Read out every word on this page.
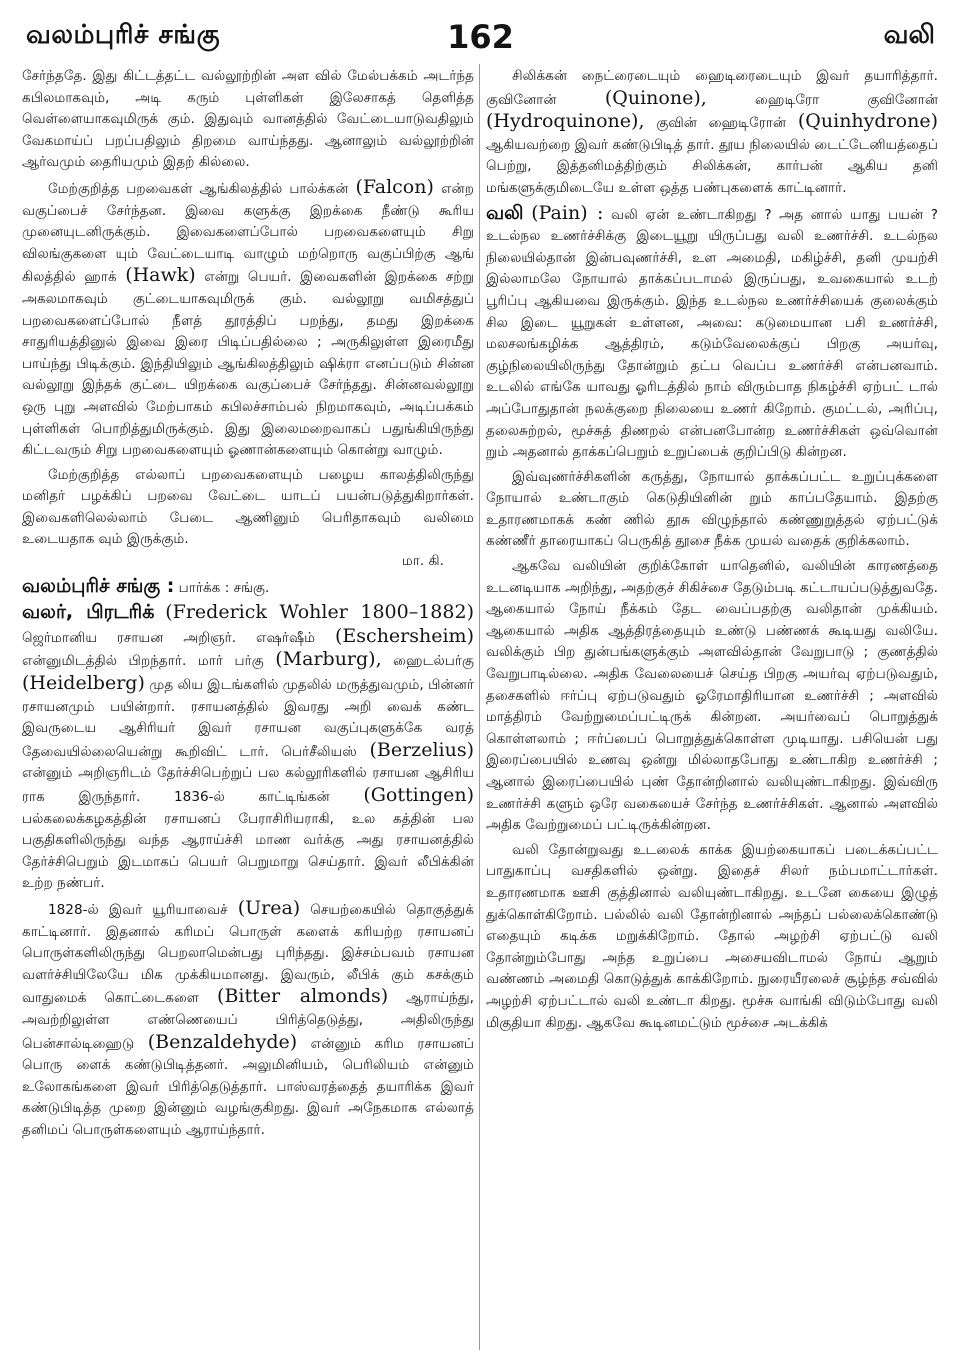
வலம்புரிச் சங்கு	162	வலி

சேர்ந்ததே. இது கிட்டத்தட்ட வல்லூற்றின் அள வில் மேல்பக்கம் அடர்ந்த கபிலமாகவும், அடி கரும் புள்ளிகள் இலேசாகத் தெளித்த வெள்ளையாகவுமிருக் கும். இதுவும் வானத்தில் வேட்டையாடுவதிலும் வேகமாய்ப் பறப்பதிலும் திறமை வாய்ந்தது. ஆனாலும் வல்லூற்றின் ஆர்வமும் தைரியமும் இதற் கில்லை.

மேற்குறித்த பறவைகள் ஆங்கிலத்தில் பால்க்கன் (Falcon) என்ற வகுப்பைச் சேர்ந்தன. இவை களுக்கு இறக்கை நீண்டு கூரிய முனையுடனிருக்கும். இவைகளைப்போல் பறவைகளையும் சிறு விலங்குகளை யும் வேட்டையாடி வாழும் மற்றொரு வகுப்பிற்கு ஆங் கிலத்தில் ஹாக் (Hawk) என்று பெயர். இவைகளின் இறக்கை சற்று அகலமாகவும் குட்டையாகவுமிருக் கும். வல்லூறு வமிசத்துப் பறவைகளைப்போல் நீளத் தூரத்திப் பறந்து, தமது இறக்கை சாதுரியத்தினுல் இவை இரை பிடிப்பதில்லை ; அருகிலுள்ள இரைமீது பாய்ந்து பிடிக்கும். இந்தியிலும் ஆங்கிலத்திலும் ஷிக்ரா எனப்படும் சின்ன வல்லூறு இந்தக் குட்டை யிறக்கை வகுப்பைச் சேர்ந்தது. சின்னவல்லூறு ஒரு புறு அளவில் மேற்பாகம் கபிலச்சாம்பல் நிறமாகவும், அடிப்பக்கம் புள்ளிகள் பொறித்துமிருக்கும். இது இலைமறைவாகப் பதுங்கியிருந்து கிட்டவரும் சிறு பறவைகளையும் ஓணான்களையும் கொன்று வாழும்.

மேற்குறித்த எல்லாப் பறவைகளையும் பழைய காலத்திலிருந்து மனிதர் பழக்கிப் பறவை வேட்டை யாடப் பயன்படுத்துகிறார்கள். இவைகளிலெல்லாம் பேடை ஆணினும் பெரிதாகவும் வலிமை உடையதாக வும் இருக்கும்.
மா. கி.

வலம்புரிச் சங்கு : பார்க்க : சங்கு.

வலர், பிரடரிக் (Frederick Wohler 1800–1882) ஜெர்மானிய ரசாயன அறிஞர். எஷர்ஷீம் (Eschersheim) என்னுமிடத்தில் பிறந்தார். மார் பர்கு (Marburg), ஹைடல்பர்கு (Heidelberg) முத லிய இடங்களில் முதலில் மருத்துவமும், பின்னர் ரசாயனமும் பயின்றார். ரசாயனத்தில் இவரது அறி வைக் கண்ட இவருடைய ஆசிரியர் இவர் ரசாயன வகுப்புகளுக்கே வரத் தேவையில்லையென்று கூறிவிட் டார். பெர்சீலியஸ் (Berzelius) என்னும் அறிஞரிடம் தேர்ச்சிபெற்றுப் பல கல்லூரிகளில் ரசாயன ஆசிரிய ராக இருந்தார். 1836-ல் காட்டிங்கன் (Gottingen) பல்கலைக்கழகத்தின் ரசாயனப் பேராசிரியராகி, உல கத்தின் பல பகுதிகளிலிருந்து வந்த ஆராய்ச்சி மாண வர்க்கு அது ரசாயனத்தில் தேர்ச்சிபெறும் இடமாகப் பெயர் பெறுமாறு செய்தார். இவர் லீபிக்கின் உற்ற நண்பர்.

1828-ல் இவர் யூரியாவைச் (Urea) செயற்கையில் தொகுத்துக் காட்டினார். இதனால் கரிமப் பொருள் களைக் கரியற்ற ரசாயனப் பொருள்களிலிருந்து பெறலாமென்பது புரிந்தது. இச்சம்பவம் ரசாயன வளர்ச்சியிலேயே மிக முக்கியமானது. இவரும், லீபிக் கும் கசக்கும் வாதுமைக் கொட்டைகளை (Bitter almonds) ஆராய்ந்து, அவற்றிலுள்ள எண்ணெயைப் பிரித்தெடுத்து, அதிலிருந்து பென்சால்டிஹைடு (Benzaldehyde) என்னும் கரிம ரசாயனப் பொரு ளைக் கண்டுபிடித்தனர். அலுமினியம், பெரிலியம் என்னும் உலோகங்களை இவர் பிரித்தெடுத்தார். பாஸ்வரத்தைத் தயாரிக்க இவர் கண்டுபிடித்த முறை இன்னும் வழங்குகிறது. இவர் அநேகமாக எல்லாத் தனிமப் பொருள்களையும் ஆராய்ந்தார்.

சிலிக்கன் நைட்ரைடையும் ஹைடிரைடையும் இவர் தயாரித்தார். குவினோன்	(Quinone),	ஹைடிரோ குவினோன் (Hydroquinone), குவின் ஹைடிரோன் (Quinhydrone) ஆகியவற்றை இவர் கண்டுபிடித் தார். தூய நிலையில் டைட்டேனியத்தைப் பெற்று, இத்தனிமத்திற்கும் சிலிக்கன், கார்பன் ஆகிய தனி மங்களுக்குமிடையே உள்ள ஒத்த பண்புகளைக் காட்டினார்.

வலி (Pain) : வலி ஏன் உண்டாகிறது ? அத னால் யாது பயன் ? உடல்நல உணர்ச்சிக்கு இடையூறு யிருப்பது வலி உணர்ச்சி. உடல்நல நிலையில்தான் இன்பவுணர்ச்சி, உள அமைதி, மகிழ்ச்சி, தனி முயற்சி இல்லாமலே நோயால் தாக்கப்படாமல் இருப்பது, உவகையால் உடற் பூரிப்பு ஆகியவை இருக்கும். இந்த உடல்நல உணர்ச்சியைக் குலைக்கும் சில இடை யூறுகள் உள்ளன, அவை: கடுமையான பசி உணர்ச்சி, மலசலங்கழிக்க ஆத்திரம், கடும்வேலைக்குப் பிறகு அயர்வு, குழ்நிலையிலிருந்து தோன்றும் தட்ப வெப்ப உணர்ச்சி என்பனவாம். உடலில் எங்கே யாவது ஓரிடத்தில் நாம் விரும்பாத நிகழ்ச்சி ஏற்பட் டால் அப்போதுதான் நலக்குறை நிலையை உணர் கிறோம். குமட்டல், அரிப்பு, தலைசுற்றல், மூச்சுத் திணறல் என்பனபோன்ற உணர்ச்சிகள் ஒவ்வொன் றும் அதனால் தாக்கப்பெறும் உறுப்பைக் குறிப்பிடு கின்றன.

இவ்வுணர்ச்சிகளின் கருத்து, நோயால் தாக்கப்பட்ட உறுப்புக்களை நோயால் உண்டாகும் கெடுதியினின் றும் காப்பதேயாம். இதற்கு உதாரணமாகக் கண் ணில் தூசு விழுந்தால் கண்ணுறுத்தல் ஏற்பட்டுக் கண்ணீர் தாரையாகப் பெருகித் தூசை நீக்க முயல் வதைக் குறிக்கலாம்.

ஆகவே வலியின் குறிக்கோள் யாதெனில், வலியின் காரணத்தை உடனடியாக அறிந்து, அதற்குச் சிகிச்சை தேடும்படி கட்டாயப்படுத்துவதே. ஆகையால் நோய் நீக்கம் தேட வைப்பதற்கு வலிதான் முக்கியம். ஆகையால் அதிக ஆத்திரத்தையும் உண்டு பண்ணக் கூடியது வலியே. வலிக்கும் பிற துன்பங்களுக்கும் அளவில்தான் வேறுபாடு ; குணத்தில் வேறுபாடில்லை. அதிக வேலையைச் செய்த பிறகு அயர்வு ஏற்படுவதும், தசைகளில் ஈர்ப்பு ஏற்படுவதும் ஓரேமாதிரியான உணர்ச்சி ; அளவில் மாத்திரம் வேற்றுமைப்பட்டிருக் கின்றன. அயர்வைப் பொறுத்துக் கொள்ளலாம் ; ஈர்ப்பைப் பொறுத்துக்கொள்ள முடியாது. பசியென் பது இரைப்பையில் உணவு ஒன்று மில்லாதபோது உண்டாகிற உணர்ச்சி ; ஆனால் இரைப்பையில் புண் தோன்றினால் வலியுண்டாகிறது. இவ்விரு உணர்ச்சி களும் ஒரே வகையைச் சேர்ந்த உணர்ச்சிகள். ஆனால் அளவில் அதிக வேற்றுமைப் பட்டிருக்கின்றன.

வலி தோன்றுவது உடலைக் காக்க இயற்கையாகப் படைக்கப்பட்ட பாதுகாப்பு வசதிகளில் ஒன்று. இதைச் சிலர் நம்பமாட்டார்கள். உதாரணமாக ஊசி குத்தினால் வலியுண்டாகிறது. உடனே கையை இழுத் துக்கொள்கிறோம். பல்லில் வலி தோன்றினால் அந்தப் பல்லைக்கொண்டு எதையும் கடிக்க மறுக்கிறோம். தோல் அழற்சி ஏற்பட்டு வலி தோன்றும்போது அந்த உறுப்பை அசையவிடாமல் நோய் ஆறும் வண்ணம் அமைதி கொடுத்துக் காக்கிறோம். நுரையீரலைச் சூழ்ந்த சவ்வில் அழற்சி ஏற்பட்டால் வலி உண்டா கிறது. மூச்சு வாங்கி விடும்போது வலி மிகுதியா கிறது. ஆகவே கூடினமட்டும் மூச்சை அடக்கிக்
